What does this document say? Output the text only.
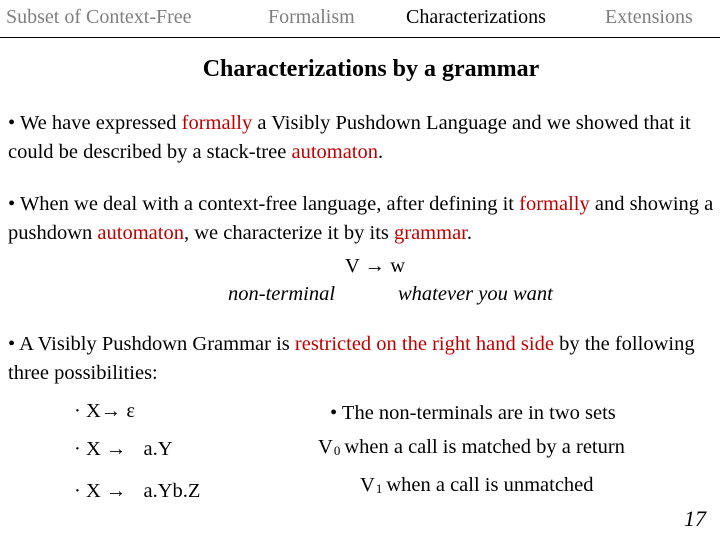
Subset of Context-Free	Formalism	Characterizations	Extensions
Characterizations by a grammar
• We have expressed formally a Visibly Pushdown Language and we showed that it could be described by a stack-tree automaton.
• When we deal with a context-free language, after defining it formally and showing a pushdown automaton, we characterize it by its grammar.
V → w
non-terminal	whatever you want
• A Visibly Pushdown Grammar is restricted on the right hand side by the following three possibilities:
· X→ ε
· X → a.Y
· X → a.Yb.Z
• The non-terminals are in two sets
V0 when a call is matched by a return
V1 when a call is unmatched
17
